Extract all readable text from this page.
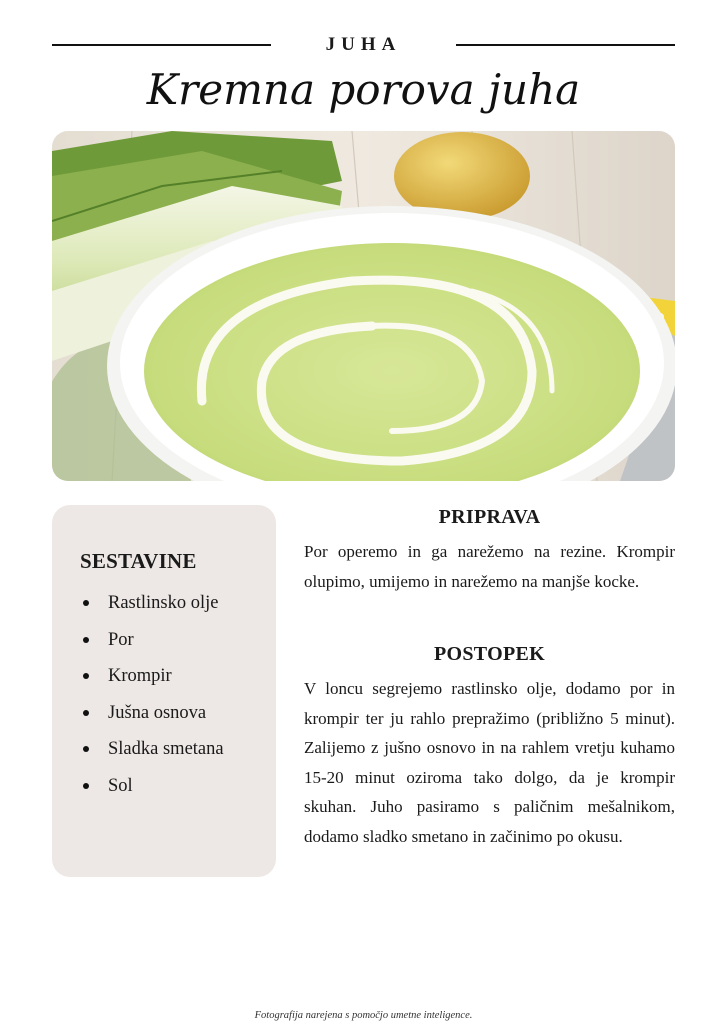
JUHA
Kremna porova juha
SESTAVINE
Rastlinsko olje
Por
Krompir
Jušna osnova
Sladka smetana
Sol
PRIPRAVA
Por operemo in ga narežemo na rezine. Krompir olupimo, umijemo in narežemo na manjše kocke.
POSTOPEK
V loncu segrejemo rastlinsko olje, dodamo por in krompir ter ju rahlo prepražimo (približno 5 minut). Zalijemo z jušno osnovo in na rahlem vretju kuhamo 15-20 minut oziroma tako dolgo, da je krompir skuhan. Juho pasiramo s paličnim mešalnikom, dodamo sladko smetano in začinimo po okusu.
Fotografija narejena s pomočjo umetne inteligence.
